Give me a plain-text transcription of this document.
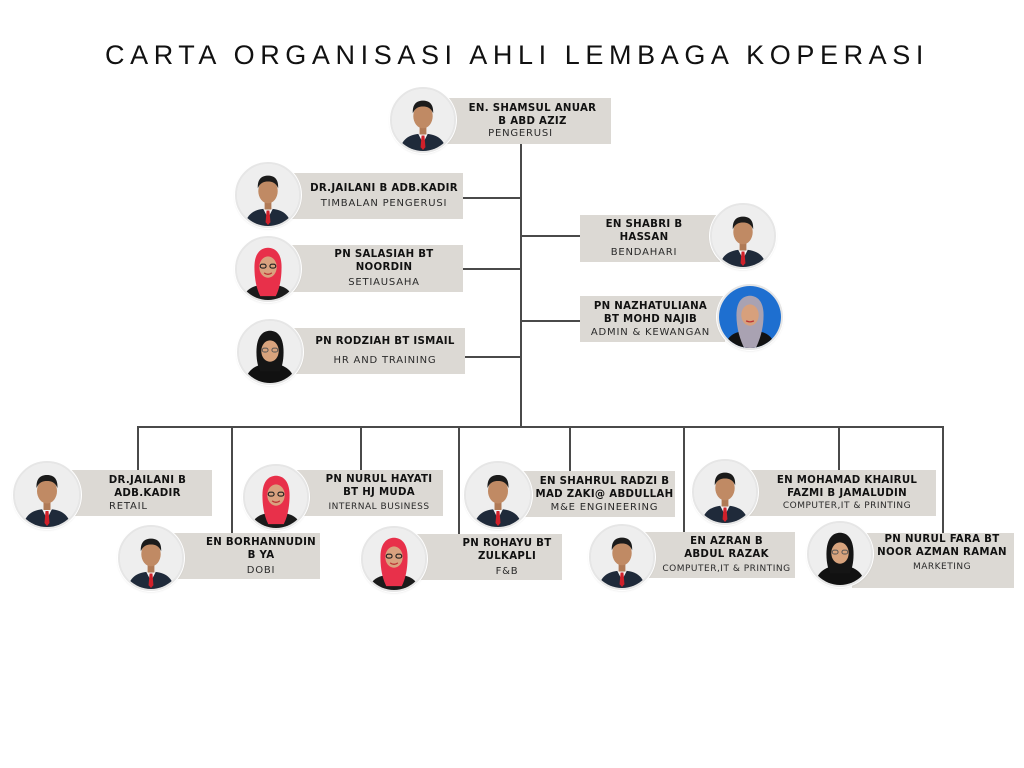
CARTA ORGANISASI AHLI LEMBAGA KOPERASI
EN. SHAMSUL ANUAR
B ABD AZIZ
PENGERUSI
DR.JAILANI B ADB.KADIR
TIMBALAN PENGERUSI
PN SALASIAH BT
NOORDIN
SETIAUSAHA
PN RODZIAH BT ISMAIL
HR AND TRAINING
EN SHABRI B
HASSAN
BENDAHARI
PN NAZHATULIANA
BT MOHD NAJIB
ADMIN & KEWANGAN
DR.JAILANI B
ADB.KADIR
RETAIL
EN BORHANNUDIN
B YA
DOBI
PN NURUL HAYATI
BT HJ MUDA
INTERNAL BUSINESS
PN ROHAYU BT
ZULKAPLI
F&B
EN SHAHRUL RADZI B
MAD ZAKI@ ABDULLAH
M&E ENGINEERING
EN AZRAN B
ABDUL RAZAK
COMPUTER,IT & PRINTING
EN MOHAMAD KHAIRUL
FAZMI B JAMALUDIN
COMPUTER,IT & PRINTING
PN NURUL FARA BT
NOOR AZMAN RAMAN
MARKETING
